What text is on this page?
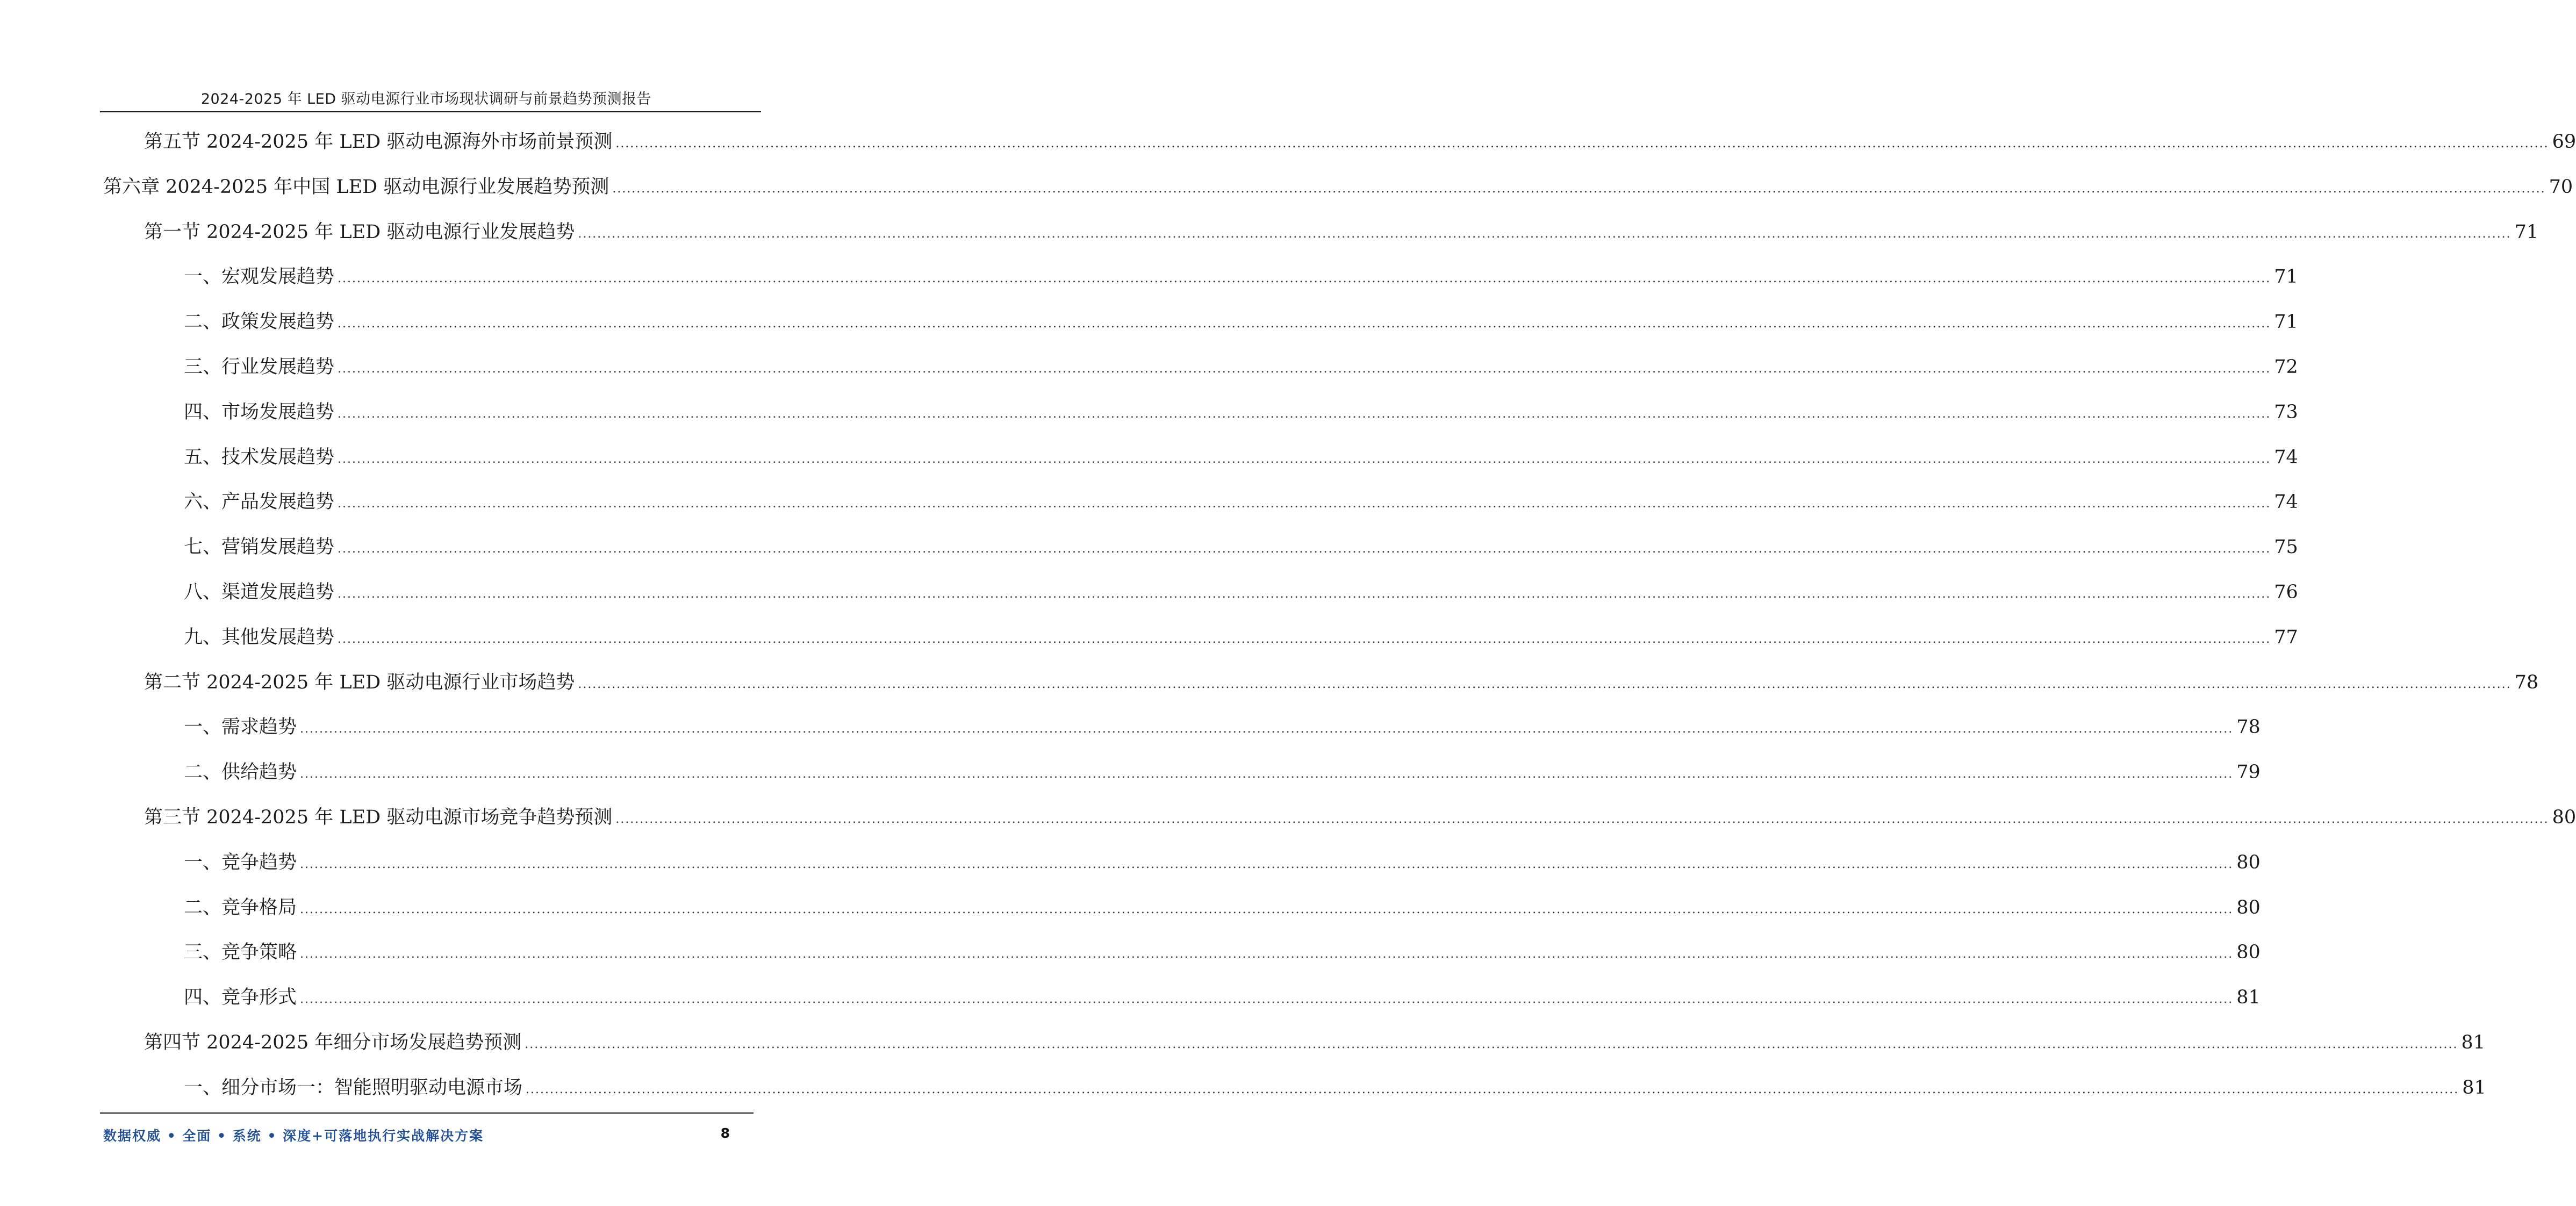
2024-2025 年 LED 驱动电源行业市场现状调研与前景趋势预测报告
第五节 2024-2025 年 LED 驱动电源海外市场前景预测 ................................................................................................................................................................................................................................................................................................................................................................................................................ 69
第六章 2024-2025 年中国 LED 驱动电源行业发展趋势预测 ................................................................................................................................................................................................................................................................................................................................................................................................................ 70
第一节 2024-2025 年 LED 驱动电源行业发展趋势 ................................................................................................................................................................................................................................................................................................................................................................................................................ 71
一、宏观发展趋势 ................................................................................................................................................................................................................................................................................................................................................................................................................ 71
二、政策发展趋势 ................................................................................................................................................................................................................................................................................................................................................................................................................ 71
三、行业发展趋势 ................................................................................................................................................................................................................................................................................................................................................................................................................ 72
四、市场发展趋势 ................................................................................................................................................................................................................................................................................................................................................................................................................ 73
五、技术发展趋势 ................................................................................................................................................................................................................................................................................................................................................................................................................ 74
六、产品发展趋势 ................................................................................................................................................................................................................................................................................................................................................................................................................ 74
七、营销发展趋势 ................................................................................................................................................................................................................................................................................................................................................................................................................ 75
八、渠道发展趋势 ................................................................................................................................................................................................................................................................................................................................................................................................................ 76
九、其他发展趋势 ................................................................................................................................................................................................................................................................................................................................................................................................................ 77
第二节 2024-2025 年 LED 驱动电源行业市场趋势 ................................................................................................................................................................................................................................................................................................................................................................................................................ 78
一、需求趋势 ................................................................................................................................................................................................................................................................................................................................................................................................................ 78
二、供给趋势 ................................................................................................................................................................................................................................................................................................................................................................................................................ 79
第三节 2024-2025 年 LED 驱动电源市场竞争趋势预测 ................................................................................................................................................................................................................................................................................................................................................................................................................ 80
一、竞争趋势 ................................................................................................................................................................................................................................................................................................................................................................................................................ 80
二、竞争格局 ................................................................................................................................................................................................................................................................................................................................................................................................................ 80
三、竞争策略 ................................................................................................................................................................................................................................................................................................................................................................................................................ 80
四、竞争形式 ................................................................................................................................................................................................................................................................................................................................................................................................................ 81
第四节 2024-2025 年细分市场发展趋势预测 ................................................................................................................................................................................................................................................................................................................................................................................................................ 81
一、细分市场一：智能照明驱动电源市场 ................................................................................................................................................................................................................................................................................................................................................................................................................ 81
数据权威 • 全面 • 系统 • 深度+可落地执行实战解决方案	8
